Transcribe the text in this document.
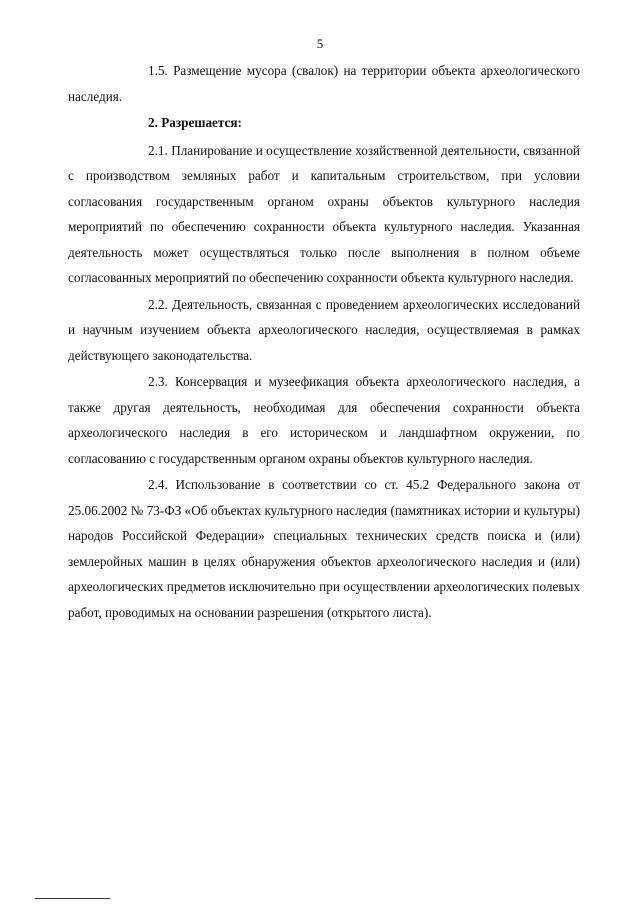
5

1.5. Размещение мусора (свалок) на территории объекта археологического наследия.

2. Разрешается:

2.1. Планирование и осуществление хозяйственной деятельности, связанной с производством земляных работ и капитальным строительством, при условии согласования государственным органом охраны объектов культурного наследия мероприятий по обеспечению сохранности объекта культурного наследия. Указанная деятельность может осуществляться только после выполнения в полном объеме согласованных мероприятий по обеспечению сохранности объекта культурного наследия.

2.2. Деятельность, связанная с проведением археологических исследований и научным изучением объекта археологического наследия, осуществляемая в рамках действующего законодательства.

2.3. Консервация и музеефикация объекта археологического наследия, а также другая деятельность, необходимая для обеспечения сохранности объекта археологического наследия в его историческом и ландшафтном окружении, по согласованию с государственным органом охраны объектов культурного наследия.

2.4. Использование в соответствии со ст. 45.2 Федерального закона от 25.06.2002 № 73-ФЗ «Об объектах культурного наследия (памятниках истории и культуры) народов Российской Федерации» специальных технических средств поиска и (или) землеройных машин в целях обнаружения объектов археологического наследия и (или) археологических предметов исключительно при осуществлении археологических полевых работ, проводимых на основании разрешения (открытого листа).
